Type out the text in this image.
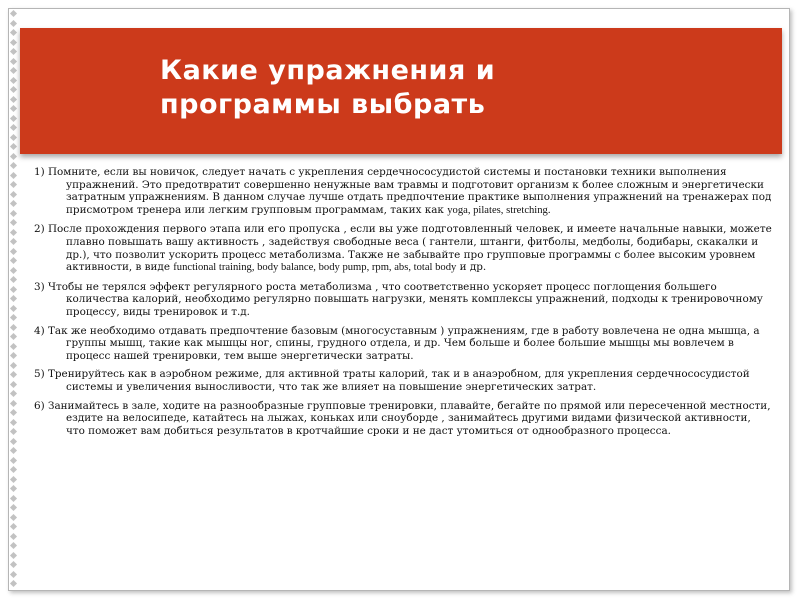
Какие упражнения и
программы выбрать

1) Помните, если вы новичок, следует начать с укрепления сердечнососудистой системы и постановки техники выполнения упражнений. Это предотвратит совершенно ненужные вам травмы и подготовит организм к более сложным и энергетически затратным упражнениям. В данном случае лучше отдать предпочтение практике выполнения упражнений на тренажерах под присмотром тренера или легким групповым программам, таких как yoga, pilates, stretching.

2) После прохождения первого этапа или его пропуска , если вы уже подготовленный человек, и имеете начальные навыки, можете плавно повышать вашу активность , задействуя свободные веса ( гантели, штанги, фитболы, медболы, бодибары, скакалки и др.), что позволит ускорить процесс метаболизма. Также не забывайте про групповые программы с более высоким уровнем активности, в виде functional training, body balance, body pump, rpm, abs, total body и др.

3) Чтобы не терялся эффект регулярного роста метаболизма , что соответственно ускоряет процесс поглощения большего количества калорий, необходимо регулярно повышать нагрузки, менять комплексы упражнений, подходы к тренировочному процессу, виды тренировок и т.д.

4) Так же необходимо отдавать предпочтение базовым (многосуставным ) упражнениям, где в работу вовлечена не одна мышца, а группы мышц, такие как мышцы ног, спины, грудного отдела, и др. Чем больше и более большие мышцы мы вовлечем в процесс нашей тренировки, тем выше энергетически затраты.

5) Тренируйтесь как в аэробном режиме, для активной траты калорий, так и в анаэробном, для укрепления сердечнососудистой системы и увеличения выносливости, что так же влияет на повышение энергетических затрат.

6) Занимайтесь в зале, ходите на разнообразные групповые тренировки, плавайте, бегайте по прямой или пересеченной местности, ездите на велосипеде, катайтесь на лыжах, коньках или сноуборде , занимайтесь другими видами физической активности, что поможет вам добиться результатов в кротчайшие сроки и не даст утомиться от однообразного процесса.
